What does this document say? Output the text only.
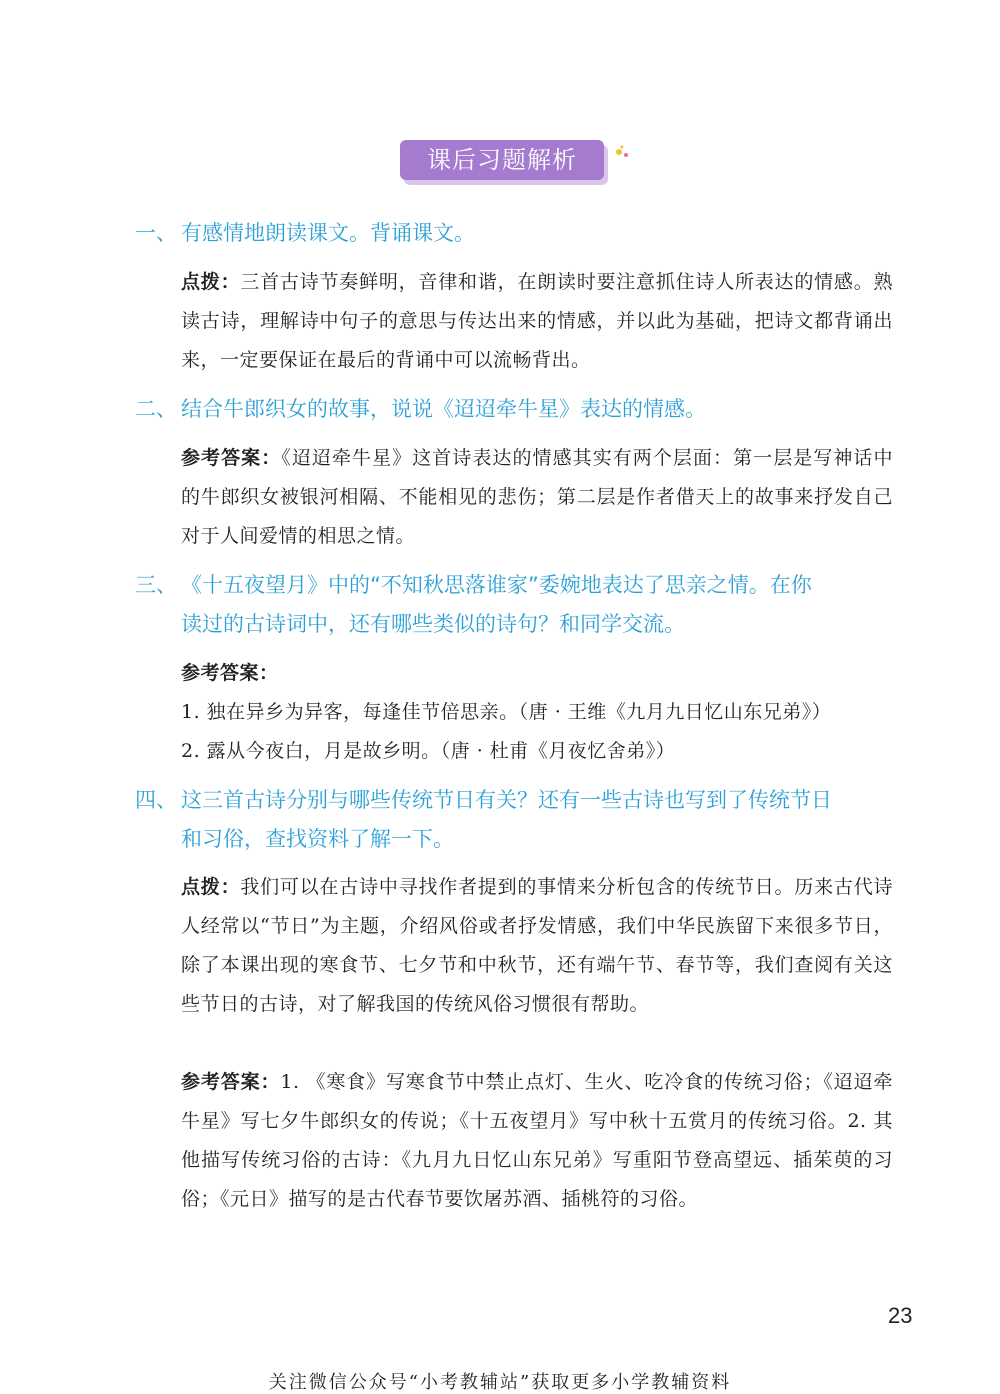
课后习题解析
一、 有感情地朗读课文。背诵课文。
点拨：三首古诗节奏鲜明，音律和谐，在朗读时要注意抓住诗人所表达的情感。熟读古诗，理解诗中句子的意思与传达出来的情感，并以此为基础，把诗文都背诵出来，一定要保证在最后的背诵中可以流畅背出。
二、 结合牛郎织女的故事，说说《迢迢牵牛星》表达的情感。
参考答案：《迢迢牵牛星》这首诗表达的情感其实有两个层面：第一层是写神话中的牛郎织女被银河相隔、不能相见的悲伤；第二层是作者借天上的故事来抒发自己对于人间爱情的相思之情。
三、 《十五夜望月》中的“不知秋思落谁家”委婉地表达了思亲之情。在你
读过的古诗词中，还有哪些类似的诗句？和同学交流。
参考答案：
1. 独在异乡为异客，每逢佳节倍思亲。（唐 · 王维《九月九日忆山东兄弟》）
2. 露从今夜白，月是故乡明。（唐 · 杜甫《月夜忆舍弟》）
四、 这三首古诗分别与哪些传统节日有关？还有一些古诗也写到了传统节日
和习俗，查找资料了解一下。
点拨：我们可以在古诗中寻找作者提到的事情来分析包含的传统节日。历来古代诗人经常以“节日”为主题，介绍风俗或者抒发情感，我们中华民族留下来很多节日，除了本课出现的寒食节、七夕节和中秋节，还有端午节、春节等，我们查阅有关这些节日的古诗，对了解我国的传统风俗习惯很有帮助。
参考答案：1. 《寒食》写寒食节中禁止点灯、生火、吃冷食的传统习俗；《迢迢牵牛星》写七夕牛郎织女的传说；《十五夜望月》写中秋十五赏月的传统习俗。2. 其他描写传统习俗的古诗：《九月九日忆山东兄弟》写重阳节登高望远、插茱萸的习俗；《元日》描写的是古代春节要饮屠苏酒、插桃符的习俗。
23
关注微信公众号“小考教辅站”获取更多小学教辅资料
